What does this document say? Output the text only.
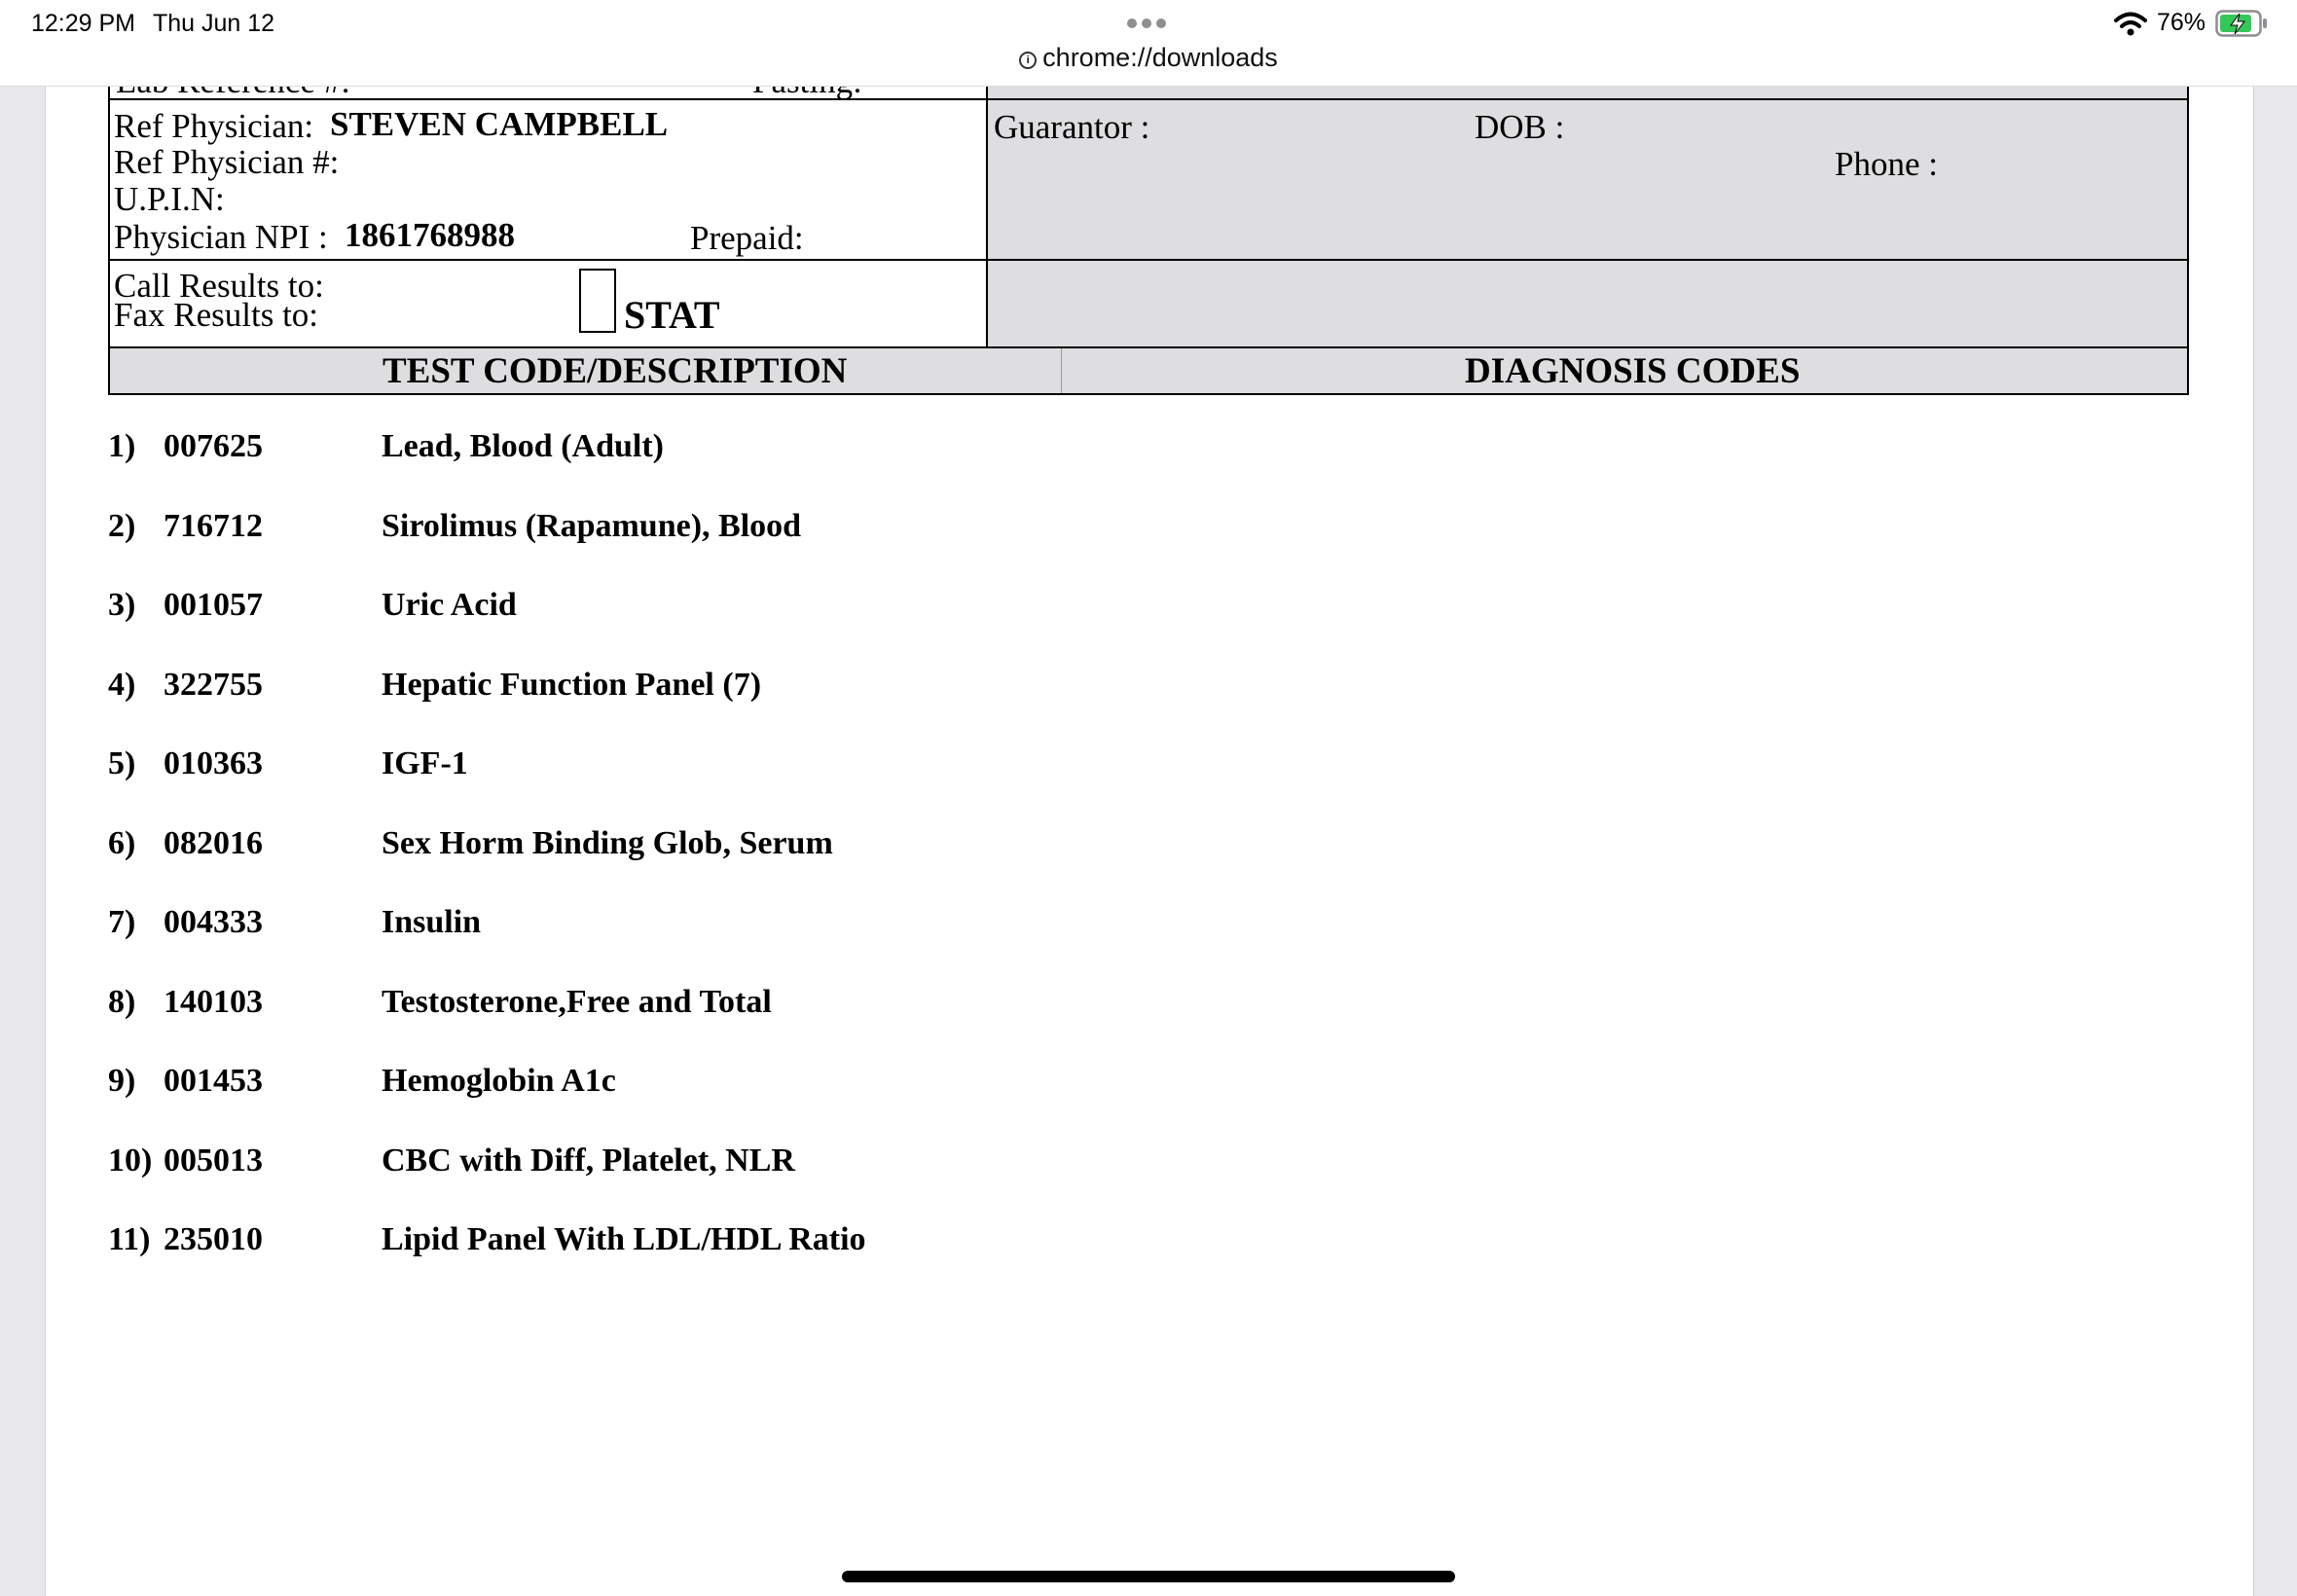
12:29 PM Thu Jun 12
i chrome://downloads
76%
Ref Physician: STEVEN CAMPBELL
Ref Physician #:
U.P.I.N:
Physician NPI : 1861768988	Prepaid:
Guarantor :	DOB :
Phone :
Call Results to:
Fax Results to:	STAT
TEST CODE/DESCRIPTION	DIAGNOSIS CODES
1) 007625	Lead, Blood (Adult)
2) 716712	Sirolimus (Rapamune), Blood
3) 001057	Uric Acid
4) 322755	Hepatic Function Panel (7)
5) 010363	IGF-1
6) 082016	Sex Horm Binding Glob, Serum
7) 004333	Insulin
8) 140103	Testosterone,Free and Total
9) 001453	Hemoglobin A1c
10) 005013	CBC with Diff, Platelet, NLR
11) 235010	Lipid Panel With LDL/HDL Ratio
